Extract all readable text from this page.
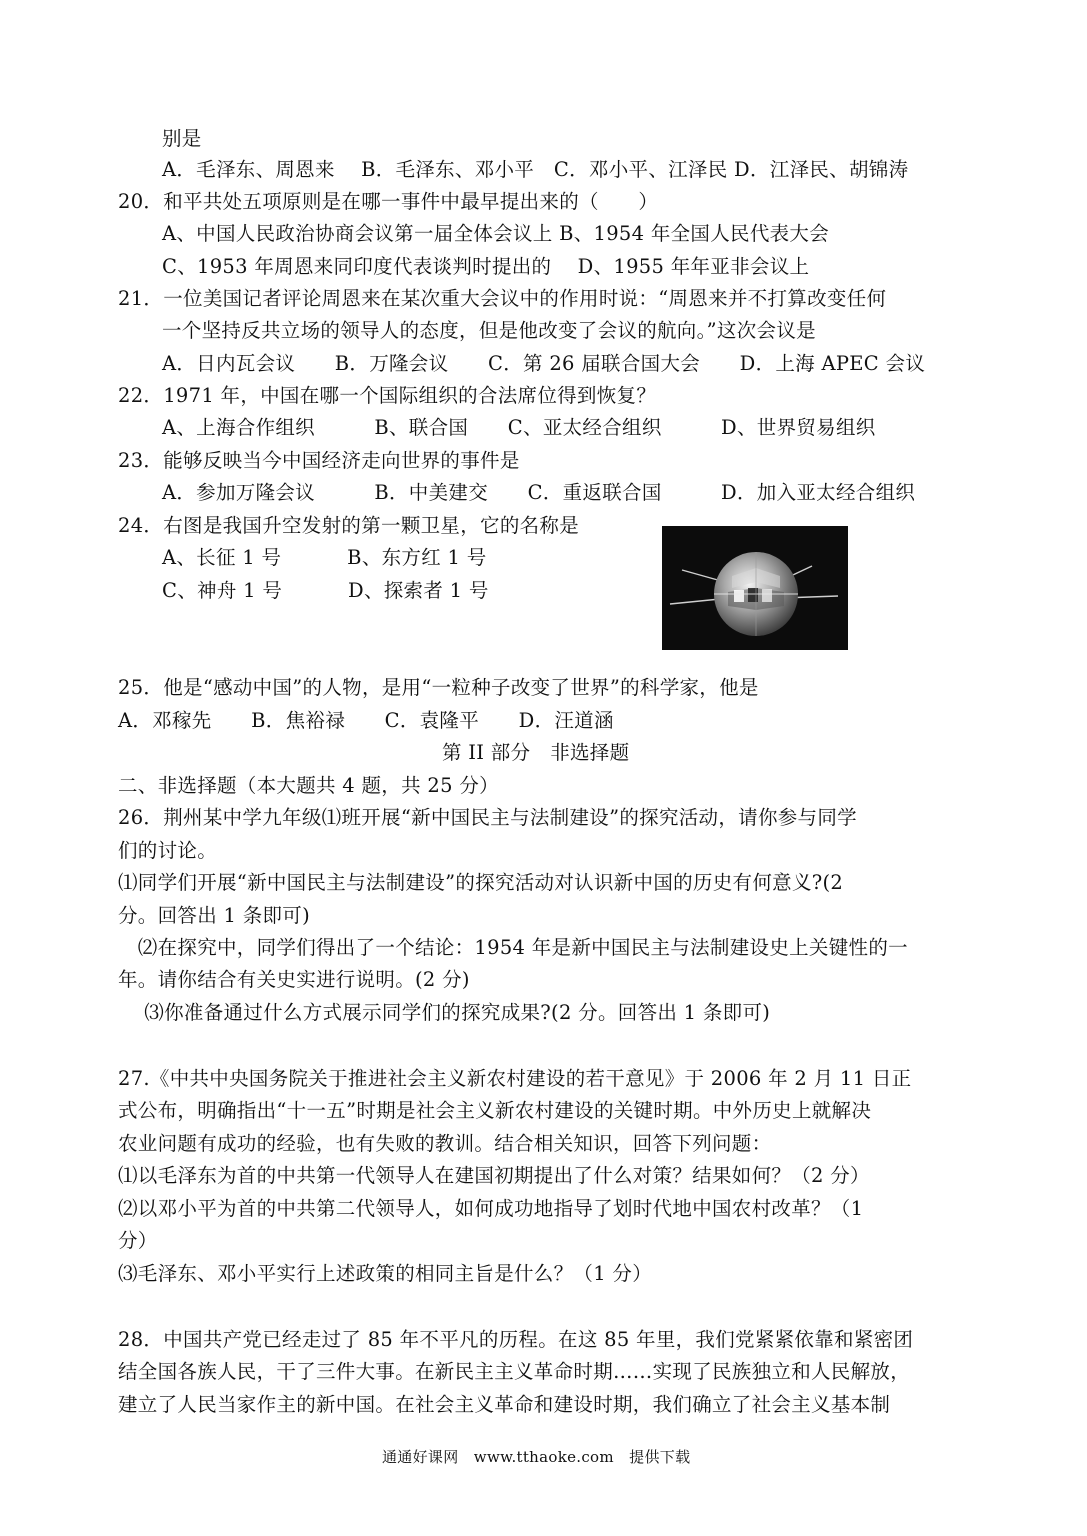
别是
A．毛泽东、周恩来　 B．毛泽东、邓小平　C．邓小平、江泽民 D．江泽民、胡锦涛
20．和平共处五项原则是在哪一事件中最早提出来的（　　）
A、中国人民政治协商会议第一届全体会议上 B、1954 年全国人民代表大会
C、1953 年周恩来同印度代表谈判时提出的　 D、1955 年年亚非会议上
21．一位美国记者评论周恩来在某次重大会议中的作用时说：“周恩来并不打算改变任何
一个坚持反共立场的领导人的态度，但是他改变了会议的航向。”这次会议是
A．日内瓦会议　　B．万隆会议　　C．第 26 届联合国大会　　D．上海 APEC 会议
22．1971 年，中国在哪一个国际组织的合法席位得到恢复？
A、上海合作组织　　　B、联合国　　C、亚太经合组织　　　D、世界贸易组织
23．能够反映当今中国经济走向世界的事件是
A．参加万隆会议　　　B．中美建交　　C．重返联合国　　　D．加入亚太经合组织
24．右图是我国升空发射的第一颗卫星，它的名称是
A、长征 1 号　　　 B、东方红 1 号
C、神舟 1 号　　　 D、探索者 1 号
25．他是“感动中国”的人物，是用“一粒种子改变了世界”的科学家，他是
A．邓稼先　　B．焦裕禄　　C．袁隆平　　D．汪道涵
第 II 部分　非选择题
二、非选择题（本大题共 4 题，共 25 分）
26．荆州某中学九年级⑴班开展“新中国民主与法制建设”的探究活动，请你参与同学
们的讨论。
⑴同学们开展“新中国民主与法制建设”的探究活动对认识新中国的历史有何意义?(2
分。回答出 1 条即可)
　⑵在探究中，同学们得出了一个结论：1954 年是新中国民主与法制建设史上关键性的一
年。请你结合有关史实进行说明。(2 分)
　 ⑶你准备通过什么方式展示同学们的探究成果?(2 分。回答出 1 条即可)
27.《中共中央国务院关于推进社会主义新农村建设的若干意见》于 2006 年 2 月 11 日正
式公布，明确指出“十一五”时期是社会主义新农村建设的关键时期。中外历史上就解决
农业问题有成功的经验，也有失败的教训。结合相关知识，回答下列问题：
⑴以毛泽东为首的中共第一代领导人在建国初期提出了什么对策？结果如何？（2 分）
⑵以邓小平为首的中共第二代领导人，如何成功地指导了划时代地中国农村改革？（1
分）
⑶毛泽东、邓小平实行上述政策的相同主旨是什么？（1 分）
28．中国共产党已经走过了 85 年不平凡的历程。在这 85 年里，我们党紧紧依靠和紧密团
结全国各族人民，干了三件大事。在新民主主义革命时期……实现了民族独立和人民解放，
建立了人民当家作主的新中国。在社会主义革命和建设时期，我们确立了社会主义基本制
通通好课网　www.tthaoke.com　提供下载
